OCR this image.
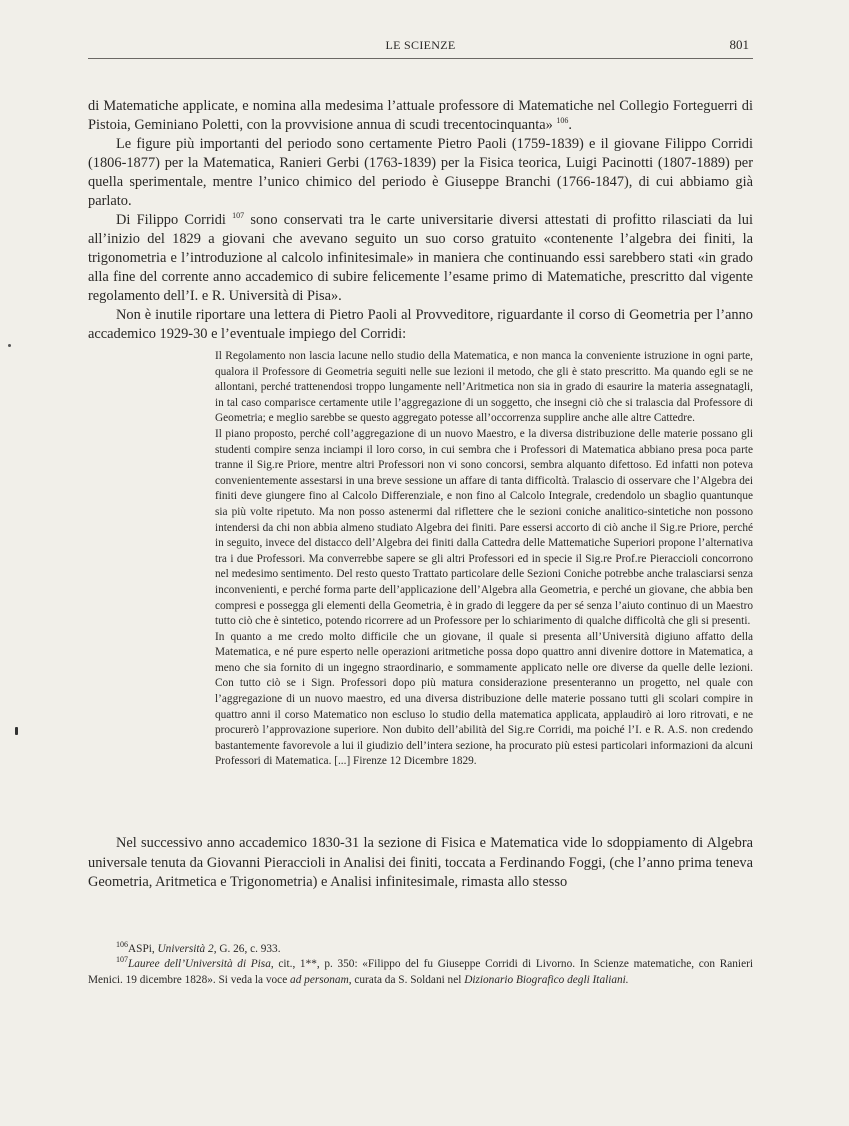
LE SCIENZE	801

di Matematiche applicate, e nomina alla medesima l’attuale professore di Matematiche nel Collegio Forteguerri di Pistoia, Geminiano Poletti, con la provvisione annua di scudi trecentocinquanta» $^{106}$.

Le figure più importanti del periodo sono certamente Pietro Paoli (1759-1839) e il giovane Filippo Corridi (1806-1877) per la Matematica, Ranieri Gerbi (1763-1839) per la Fisica teorica, Luigi Pacinotti (1807-1889) per quella sperimentale, mentre l’unico chimico del periodo è Giuseppe Branchi (1766-1847), di cui abbiamo già parlato.

Di Filippo Corridi $^{107}$ sono conservati tra le carte universitarie diversi attestati di profitto rilasciati da lui all’inizio del 1829 a giovani che avevano seguito un suo corso gratuito «contenente l’algebra dei finiti, la trigonometria e l’introduzione al calcolo infinitesimale» in maniera che continuando essi sarebbero stati «in grado alla fine del corrente anno accademico di subire felicemente l’esame primo di Matematiche, prescritto dal vigente regolamento dell’I. e R. Università di Pisa».

Non è inutile riportare una lettera di Pietro Paoli al Provveditore, riguardante il corso di Geometria per l’anno accademico 1929-30 e l’eventuale impiego del Corridi:

Il Regolamento non lascia lacune nello studio della Matematica, e non manca la conveniente istruzione in ogni parte, qualora il Professore di Geometria seguiti nelle sue lezioni il metodo, che gli è stato prescritto. Ma quando egli se ne allontani, perché trattenendosi troppo lungamente nell’Aritmetica non sia in grado di esaurire la materia assegnatagli, in tal caso comparisce certamente utile l’aggregazione di un soggetto, che insegni ciò che si tralascia dal Professore di Geometria; e meglio sarebbe se questo aggregato potesse all’occorrenza supplire anche alle altre Cattedre.

Il piano proposto, perché coll’aggregazione di un nuovo Maestro, e la diversa distribuzione delle materie possano gli studenti compire senza inciampi il loro corso, in cui sembra che i Professori di Matematica abbiano presa poca parte tranne il Sig.re Priore, mentre altri Professori non vi sono concorsi, sembra alquanto difettoso. Ed infatti non poteva convenientemente assestarsi in una breve sessione un affare di tanta difficoltà. Tralascio di osservare che l’Algebra dei finiti deve giungere fino al Calcolo Differenziale, e non fino al Calcolo Integrale, credendolo un sbaglio quantunque sia più volte ripetuto. Ma non posso astenermi dal riflettere che le sezioni coniche analitico-sintetiche non possono intendersi da chi non abbia almeno studiato Algebra dei finiti. Pare essersi accorto di ciò anche il Sig.re Priore, perché in seguito, invece del distacco dell’Algebra dei finiti dalla Cattedra delle Mattematiche Superiori propone l’alternativa tra i due Professori. Ma converrebbe sapere se gli altri Professori ed in specie il Sig.re Prof.re Pieraccioli concorrono nel medesimo sentimento. Del resto questo Trattato particolare delle Sezioni Coniche potrebbe anche tralasciarsi senza inconvenienti, e perché forma parte dell’applicazione dell’Algebra alla Geometria, e perché un giovane, che abbia ben compresi e possegga gli elementi della Geometria, è in grado di leggere da per sé senza l’aiuto continuo di un Maestro tutto ciò che è sintetico, potendo ricorrere ad un Professore per lo schiarimento di qualche difficoltà che gli si presenti.

In quanto a me credo molto difficile che un giovane, il quale si presenta all’Università digiuno affatto della Matematica, e né pure esperto nelle operazioni aritmetiche possa dopo quattro anni divenire dottore in Matematica, a meno che sia fornito di un ingegno straordinario, e sommamente applicato nelle ore diverse da quelle delle lezioni. Con tutto ciò se i Sign. Professori dopo più matura considerazione presenteranno un progetto, nel quale con l’aggregazione di un nuovo maestro, ed una diversa distribuzione delle materie possano tutti gli scolari compire in quattro anni il corso Matematico non escluso lo studio della matematica applicata, applaudirò ai loro ritrovati, e ne procurerò l’approvazione superiore. Non dubito dell’abilità del Sig.re Corridi, ma poiché l’I. e R. A.S. non credendo bastantemente favorevole a lui il giudizio dell’intera sezione, ha procurato più estesi particolari informazioni da alcuni Professori di Matematica. [...] Firenze 12 Dicembre 1829.

Nel successivo anno accademico 1830-31 la sezione di Fisica e Matematica vide lo sdoppiamento di Algebra universale tenuta da Giovanni Pieraccioli in Analisi dei finiti, toccata a Ferdinando Foggi, (che l’anno prima teneva Geometria, Aritmetica e Trigonometria) e Analisi infinitesimale, rimasta allo stesso

$^{106}$ASPi, Università 2, G. 26, c. 933.

$^{107}$Lauree dell’Università di Pisa, cit., 1**, p. 350: «Filippo del fu Giuseppe Corridi di Livorno. In Scienze matematiche, con Ranieri Menici. 19 dicembre 1828». Si veda la voce ad personam, curata da S. Soldani nel Dizionario Biografico degli Italiani.
